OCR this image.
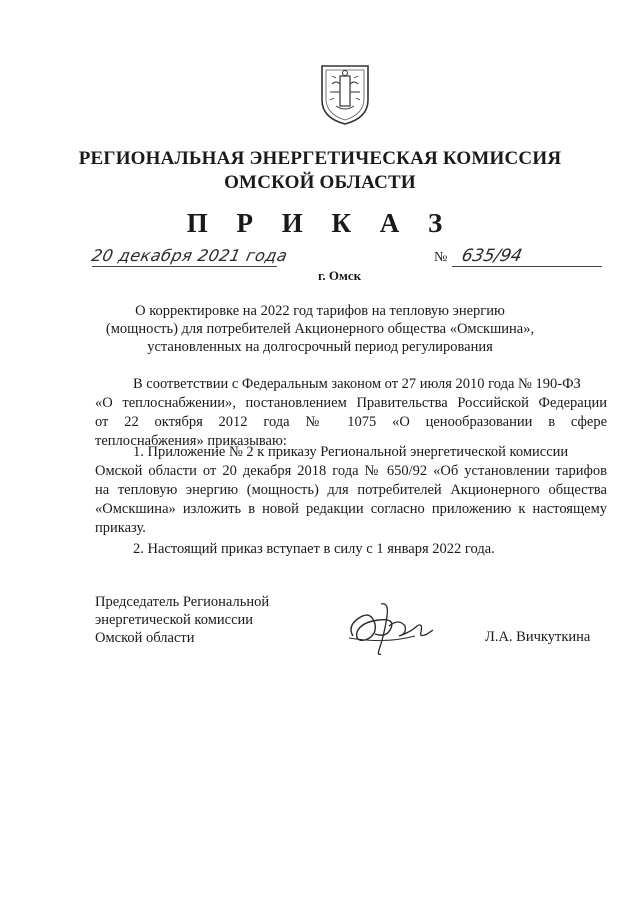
РЕГИОНАЛЬНАЯ ЭНЕРГЕТИЧЕСКАЯ КОМИССИЯ
ОМСКОЙ ОБЛАСТИ
П Р И К А З
20 декабря 2021 года	№ 635/94
г. Омск
О корректировке на 2022 год тарифов на тепловую энергию
(мощность) для потребителей Акционерного общества «Омскшина»,
установленных на долгосрочный период регулирования
В соответствии с Федеральным законом от 27 июля 2010 года № 190-ФЗ
«О теплоснабжении», постановлением Правительства Российской Федерации
от 22 октября 2012 года № 1075 «О ценообразовании в сфере
теплоснабжения» приказываю:
1. Приложение № 2 к приказу Региональной энергетической комиссии
Омской области от 20 декабря 2018 года № 650/92 «Об установлении тарифов
на тепловую энергию (мощность) для потребителей Акционерного общества
«Омскшина» изложить в новой редакции согласно приложению к настоящему
приказу.
2. Настоящий приказ вступает в силу с 1 января 2022 года.
Председатель Региональной
энергетической комиссии
Омской области	Л.А. Вичкуткина
